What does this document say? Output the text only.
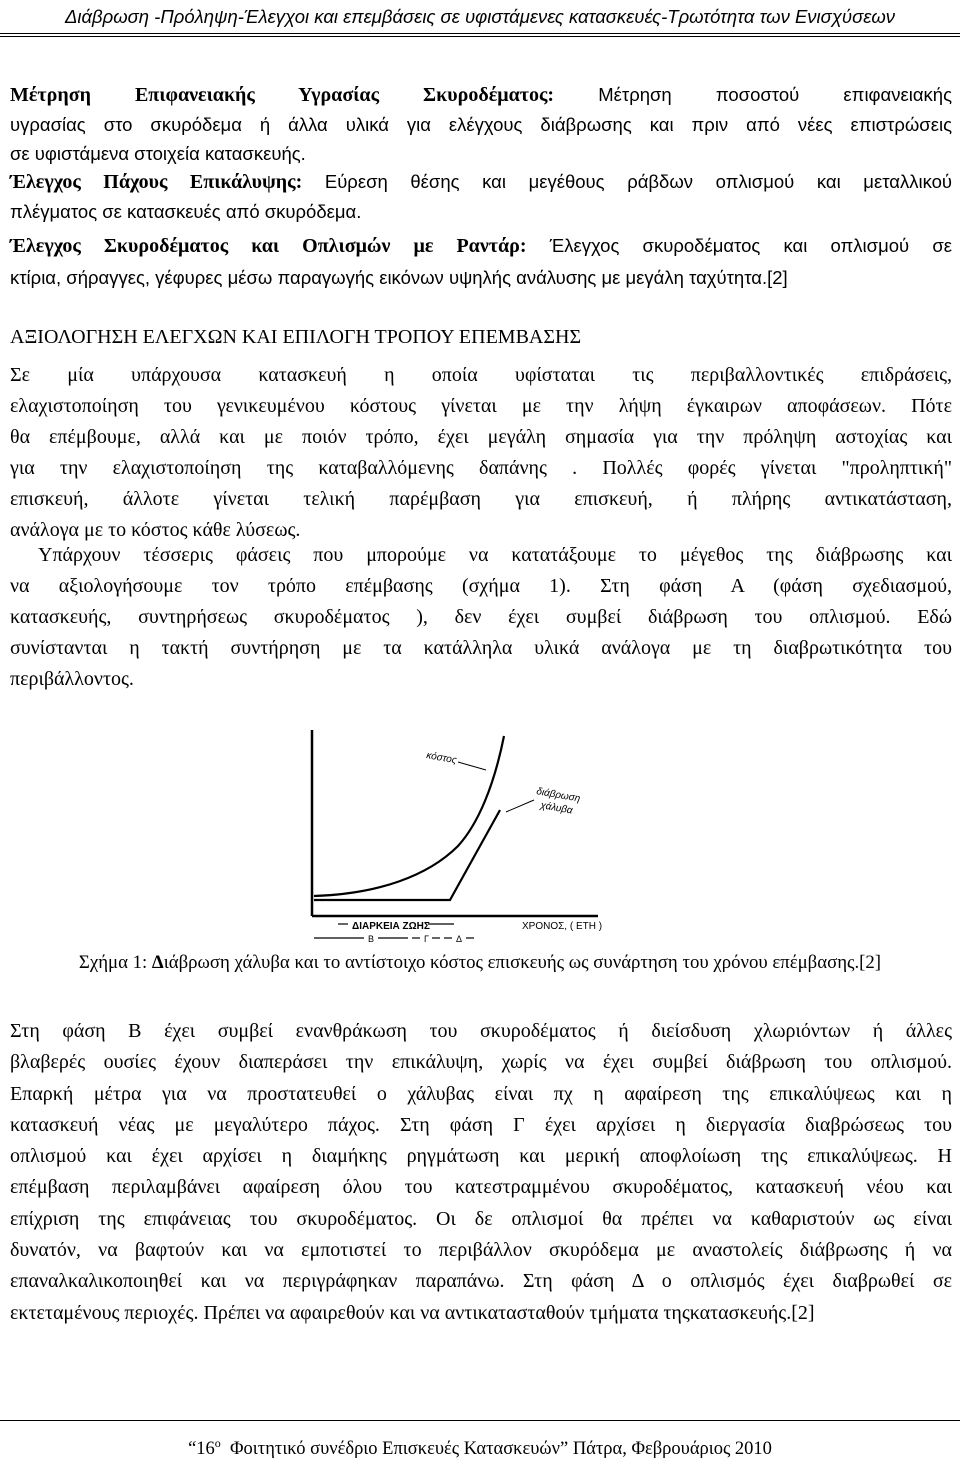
Διάβρωση -Πρόληψη-Έλεγχοι και επεμβάσεις σε υφιστάμενες κατασκευές-Τρωτότητα των Ενισχύσεων
Μέτρηση Επιφανειακής Υγρασίας Σκυροδέματος: Μέτρηση ποσοστού επιφανειακής
υγρασίας στο σκυρόδεμα ή άλλα υλικά για ελέγχους διάβρωσης και πριν από νέες επιστρώσεις
σε υφιστάμενα στοιχεία κατασκευής.
Έλεγχος Πάχους Επικάλυψης: Εύρεση θέσης και μεγέθους ράβδων οπλισμού και μεταλλικού
πλέγματος σε κατασκευές από σκυρόδεμα.
Έλεγχος Σκυροδέματος και Οπλισμών με Ραντάρ: Έλεγχος σκυροδέματος και οπλισμού σε
κτίρια, σήραγγες, γέφυρες μέσω παραγωγής εικόνων υψηλής ανάλυσης με μεγάλη ταχύτητα.[2]
ΑΞΙΟΛΟΓΗΣΗ ΕΛΕΓΧΩΝ ΚΑΙ ΕΠΙΛΟΓΗ ΤΡΟΠΟΥ ΕΠΕΜΒΑΣΗΣ
Σε μία υπάρχουσα κατασκευή η οποία υφίσταται τις περιβαλλοντικές επιδράσεις,
ελαχιστοποίηση του γενικευμένου κόστους γίνεται με την λήψη έγκαιρων αποφάσεων. Πότε
θα επέμβουμε, αλλά και με ποιόν τρόπο, έχει μεγάλη σημασία για την πρόληψη αστοχίας και
για την ελαχιστοποίηση της καταβαλλόμενης δαπάνης . Πολλές φορές γίνεται "προληπτική"
επισκευή, άλλοτε γίνεται τελική παρέμβαση για επισκευή, ή πλήρης αντικατάσταση,
ανάλογα με το κόστος κάθε λύσεως.
Υπάρχουν τέσσερις φάσεις που μπορούμε να κατατάξουμε το μέγεθος της διάβρωσης και
να αξιολογήσουμε τον τρόπο επέμβασης (σχήμα 1). Στη φάση Α (φάση σχεδιασμού,
κατασκευής, συντηρήσεως σκυροδέματος ), δεν έχει συμβεί διάβρωση του οπλισμού. Εδώ
συνίστανται η τακτή συντήρηση με τα κατάλληλα υλικά ανάλογα με τη διαβρωτικότητα του
περιβάλλοντος.
κόστος
διάβρωση
χάλυβα
ΔΙΑΡΚΕΙΑ ΖΩΗΣ	ΧΡΟΝΟΣ, ( ΕΤΗ )
Β	Γ	Δ
Σχήμα 1: Διάβρωση χάλυβα και το αντίστοιχο κόστος επισκευής ως συνάρτηση του χρόνου επέμβασης.[2]
Στη φάση Β έχει συμβεί ενανθράκωση του σκυροδέματος ή διείσδυση χλωριόντων ή άλλες
βλαβερές ουσίες έχουν διαπεράσει την επικάλυψη, χωρίς να έχει συμβεί διάβρωση του οπλισμού.
Επαρκή μέτρα για να προστατευθεί ο χάλυβας είναι πχ η αφαίρεση της επικαλύψεως και η
κατασκευή νέας με μεγαλύτερο πάχος. Στη φάση Γ έχει αρχίσει η διεργασία διαβρώσεως του
οπλισμού και έχει αρχίσει η διαμήκης ρηγμάτωση και μερική αποφλοίωση της επικαλύψεως. Η
επέμβαση περιλαμβάνει αφαίρεση όλου του κατεστραμμένου σκυροδέματος, κατασκευή νέου και
επίχριση της επιφάνειας του σκυροδέματος. Οι δε οπλισμοί θα πρέπει να καθαριστούν ως είναι
δυνατόν, να βαφτούν και να εμποτιστεί το περιβάλλον σκυρόδεμα με αναστολείς διάβρωσης ή να
επαναλκαλικοποιηθεί και να περιγράφηκαν παραπάνω. Στη φάση Δ ο οπλισμός έχει διαβρωθεί σε
εκτεταμένους περιοχές. Πρέπει να αφαιρεθούν και να αντικατασταθούν τμήματα τηςκατασκευής.[2]
“$16^o$ Φοιτητικό συνέδριο Επισκευές Κατασκευών” Πάτρα, Φεβρουάριος 2010
